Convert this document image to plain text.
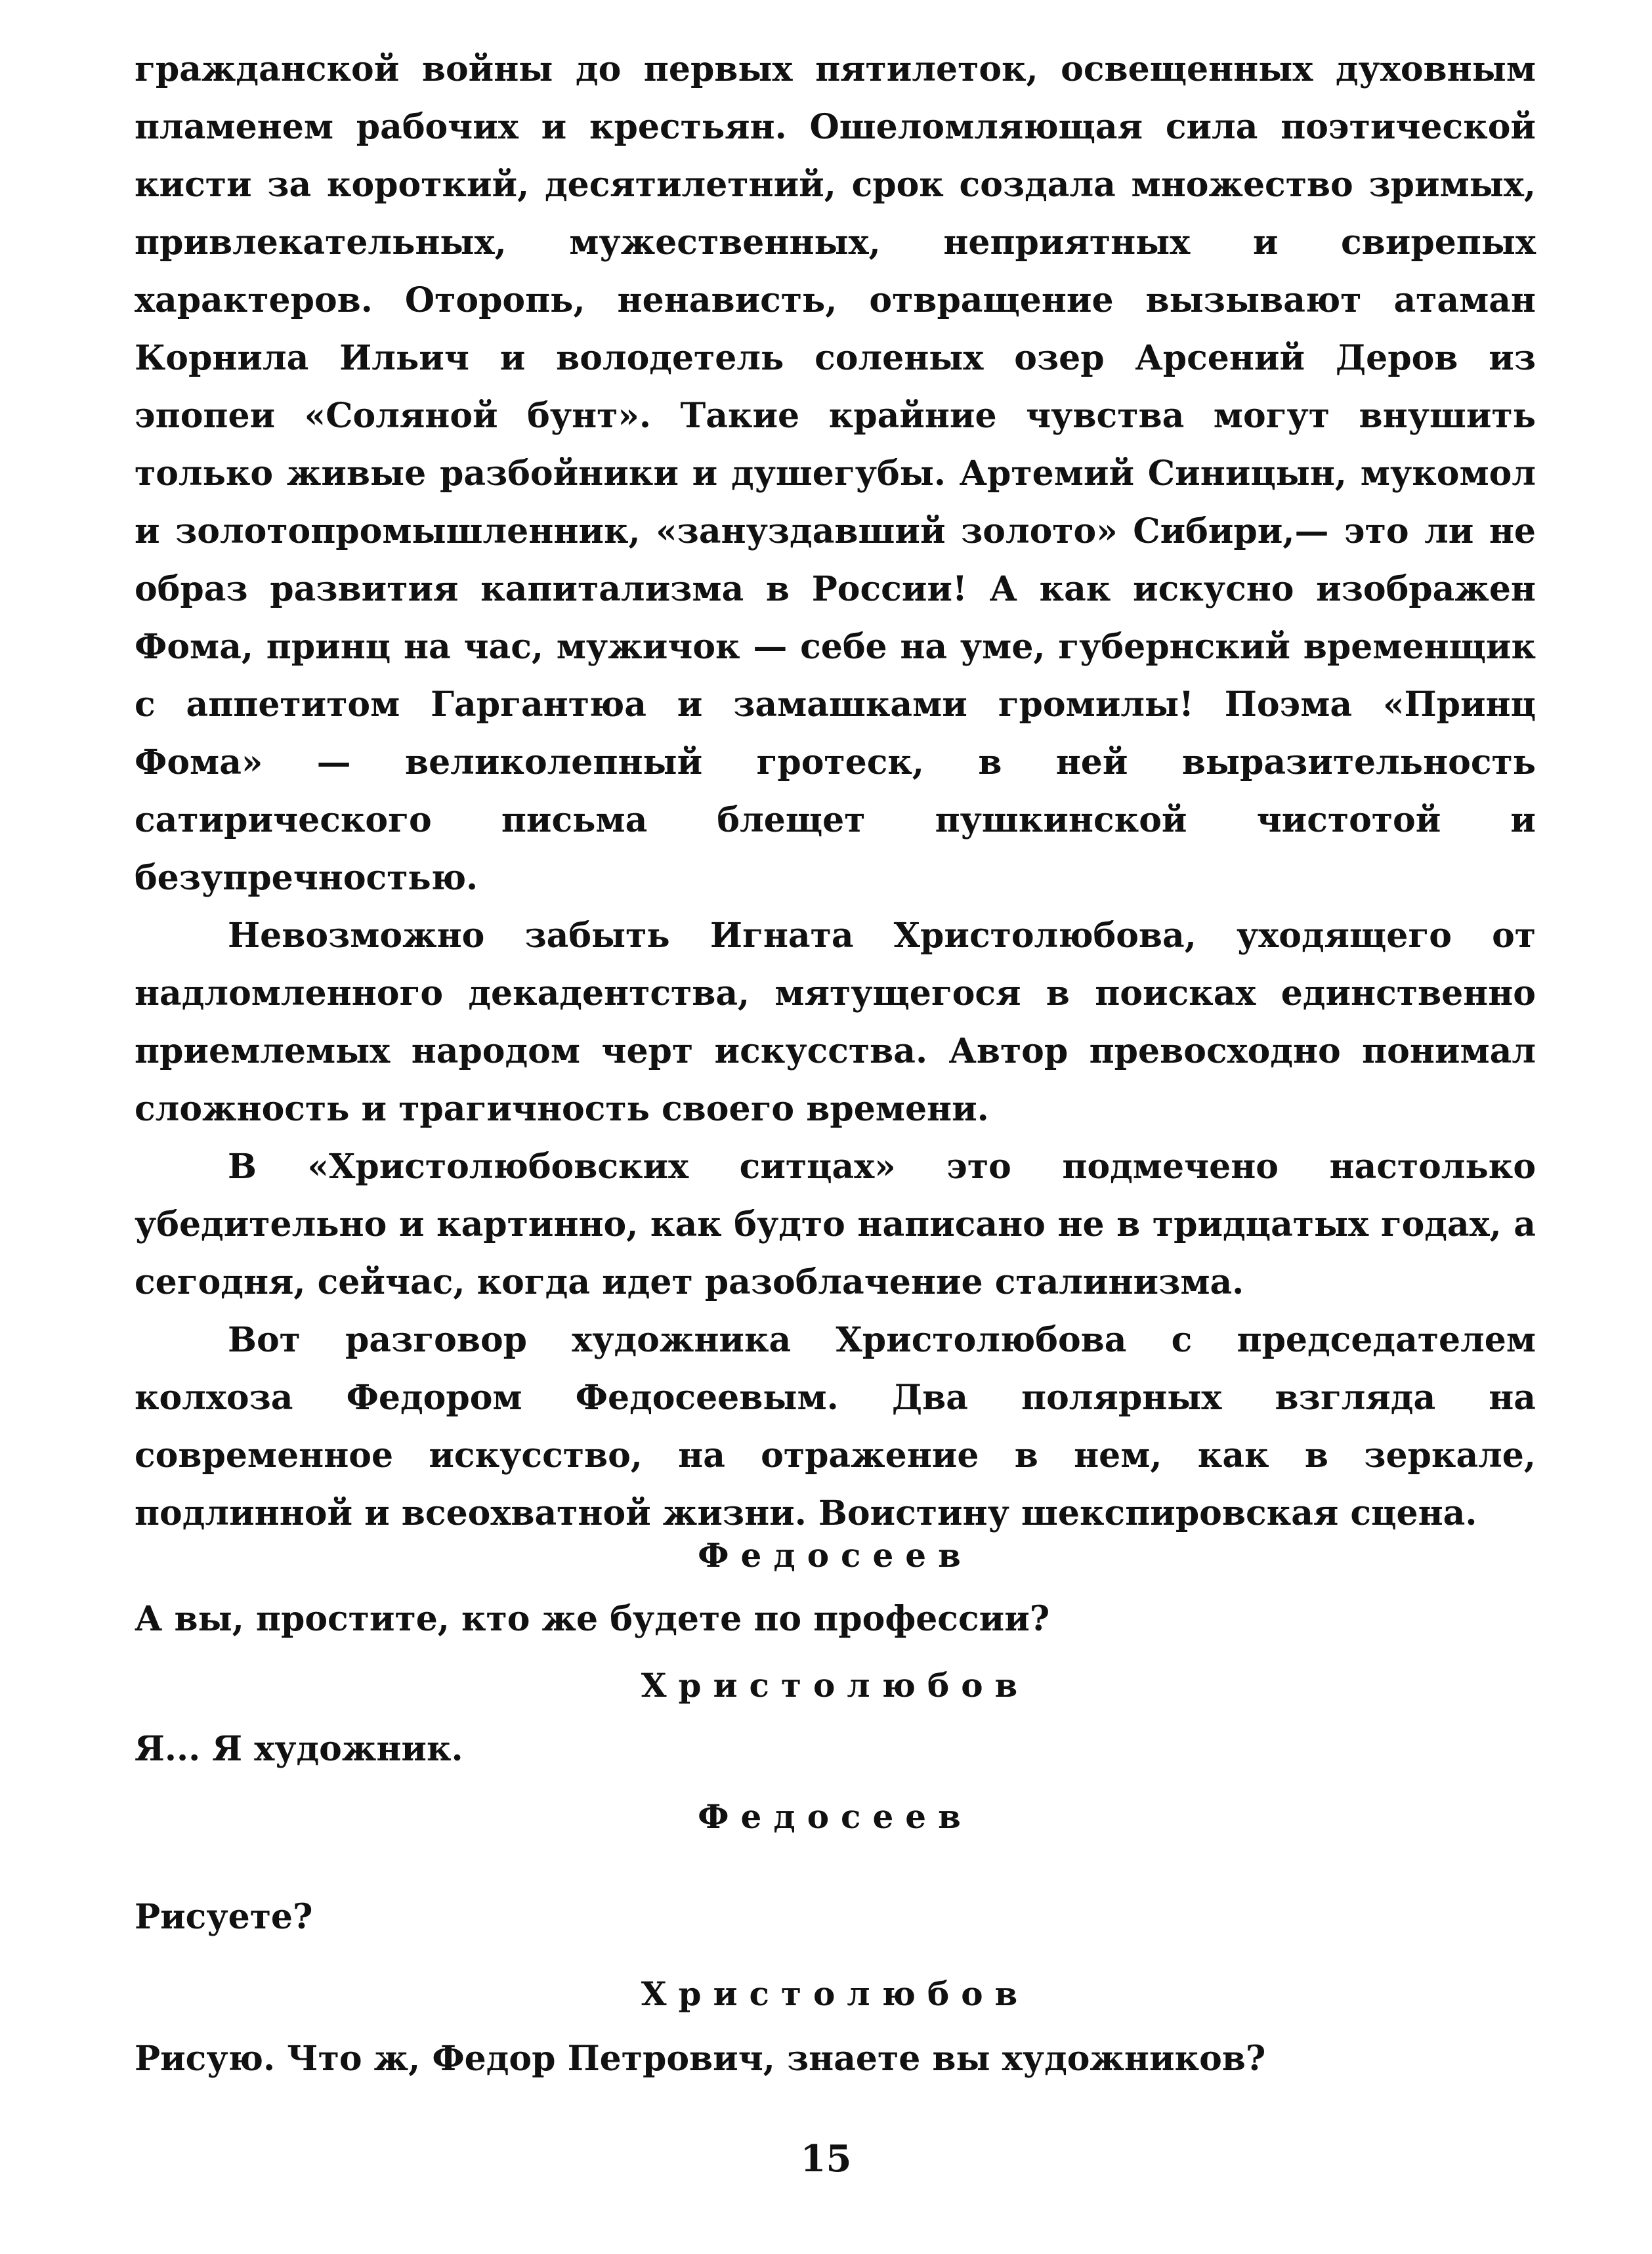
гражданской войны до первых пятилеток, освещенных духовным пламенем рабочих и крестьян. Ошеломляющая сила поэтической кисти за короткий, десятилетний, срок создала множество зримых, привлекательных, мужественных, неприятных и свирепых характеров. Оторопь, ненависть, отвращение вызывают атаман Корнила Ильич и володетель соленых озер Арсений Деров из эпопеи «Соляной бунт». Такие крайние чувства могут внушить только живые разбойники и душегубы. Артемий Синицын, мукомол и золотопромышленник, «зануздавший золото» Сибири,— это ли не образ развития капитализма в России! А как искусно изображен Фома, принц на час, мужичок — себе на уме, губернский временщик с аппетитом Гаргантюа и замашками громилы! Поэма «Принц Фома» — великолепный гротеск, в ней выразительность сатирического письма блещет пушкинской чистотой и безупречностью.

Невозможно забыть Игната Христолюбова, уходящего от надломленного декадентства, мятущегося в поисках единственно приемлемых народом черт искусства. Автор превосходно понимал сложность и трагичность своего времени.

В «Христолюбовских ситцах» это подмечено настолько убедительно и картинно, как будто написано не в тридцатых годах, а сегодня, сейчас, когда идет разоблачение сталинизма.

Вот разговор художника Христолюбова с председателем колхоза Федором Федосеевым. Два полярных взгляда на современное искусство, на отражение в нем, как в зеркале, подлинной и всеохватной жизни. Воистину шекспировская сцена.

Федосеев

А вы, простите, кто же будете по профессии?

Христолюбов

Я... Я художник.

Федосеев

Рисуете?

Христолюбов

Рисую. Что ж, Федор Петрович, знаете вы художников?

15
